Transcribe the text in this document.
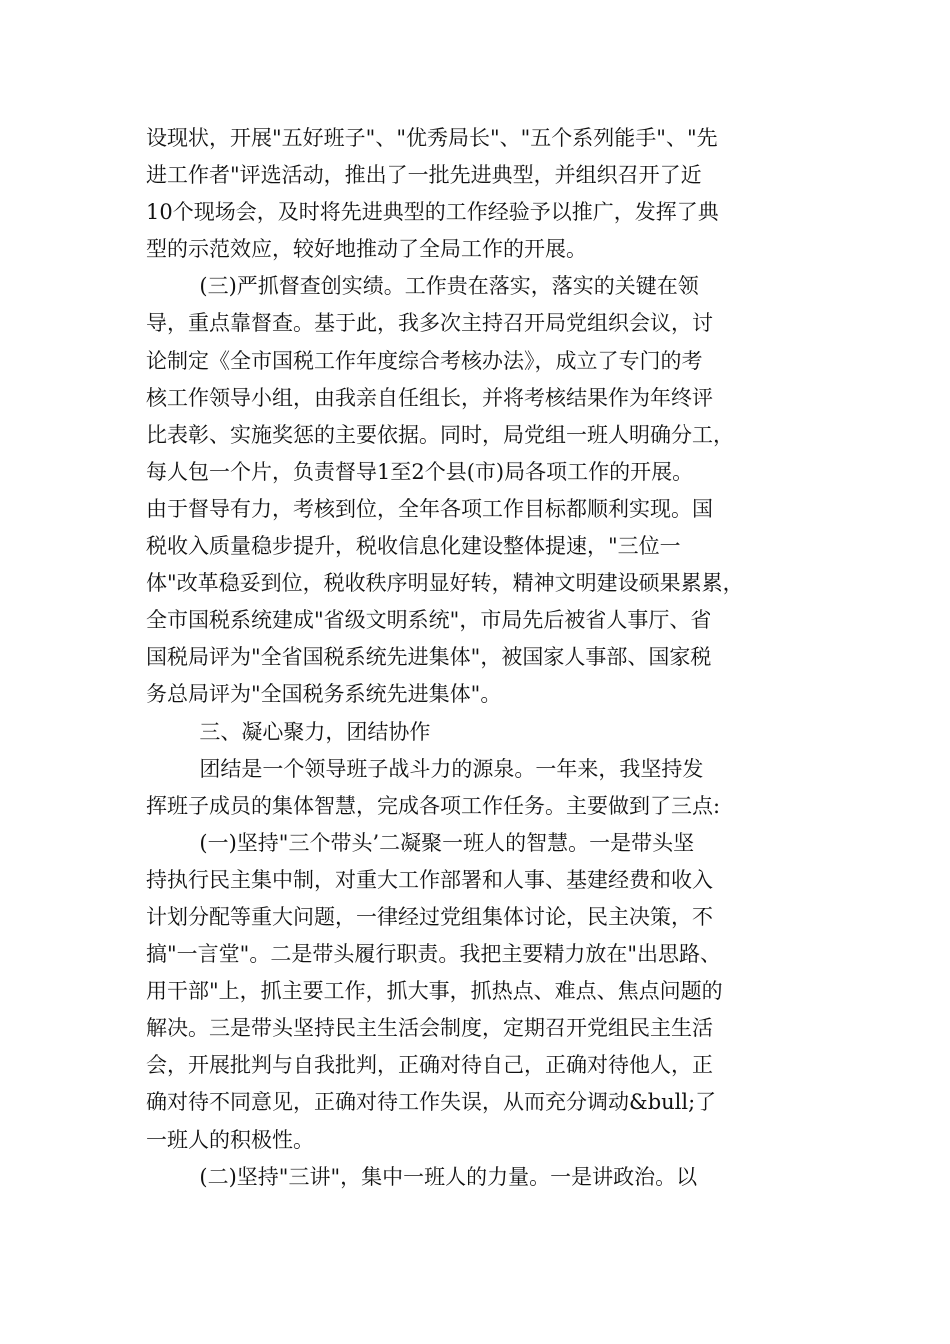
设现状，开展"五好班子"、"优秀局长"、"五个系列能手"、"先
进工作者"评选活动，推出了一批先进典型，并组织召开了近
10个现场会，及时将先进典型的工作经验予以推广，发挥了典
型的示范效应，较好地推动了全局工作的开展。
(三)严抓督查创实绩。工作贵在落实，落实的关键在领
导，重点靠督查。基于此，我多次主持召开局党组织会议，讨
论制定《全市国税工作年度综合考核办法》，成立了专门的考
核工作领导小组，由我亲自任组长，并将考核结果作为年终评
比表彰、实施奖惩的主要依据。同时，局党组一班人明确分工，
每人包一个片，负责督导1至2个县(市)局各项工作的开展。
由于督导有力，考核到位，全年各项工作目标都顺利实现。国
税收入质量稳步提升，税收信息化建设整体提速，"三位一
体"改革稳妥到位，税收秩序明显好转，精神文明建设硕果累累，
全市国税系统建成"省级文明系统"，市局先后被省人事厅、省
国税局评为"全省国税系统先进集体"，被国家人事部、国家税
务总局评为"全国税务系统先进集体"。
三、凝心聚力，团结协作
团结是一个领导班子战斗力的源泉。一年来，我坚持发
挥班子成员的集体智慧，完成各项工作任务。主要做到了三点:
(一)坚持"三个带头’二凝聚一班人的智慧。一是带头坚
持执行民主集中制，对重大工作部署和人事、基建经费和收入
计划分配等重大问题，一律经过党组集体讨论，民主决策，不
搞"一言堂"。二是带头履行职责。我把主要精力放在"出思路、
用干部"上，抓主要工作，抓大事，抓热点、难点、焦点问题的
解决。三是带头坚持民主生活会制度，定期召开党组民主生活
会，开展批判与自我批判，正确对待自己，正确对待他人，正
确对待不同意见，正确对待工作失误，从而充分调动&bull;了
一班人的积极性。
(二)坚持"三讲"，集中一班人的力量。一是讲政治。以
